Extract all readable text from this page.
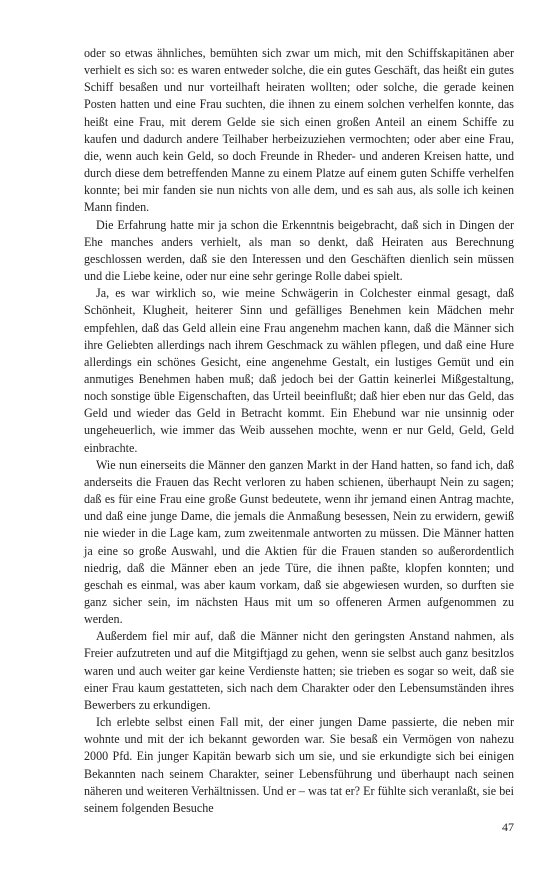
oder so etwas ähnliches, bemühten sich zwar um mich, mit den Schiffskapitänen aber verhielt es sich so: es waren entweder solche, die ein gutes Geschäft, das heißt ein gutes Schiff besaßen und nur vorteilhaft heiraten wollten; oder solche, die gerade keinen Posten hatten und eine Frau suchten, die ihnen zu einem solchen verhelfen konnte, das heißt eine Frau, mit derem Gelde sie sich einen großen Anteil an einem Schiffe zu kaufen und dadurch andere Teilhaber herbeizuziehen vermochten; oder aber eine Frau, die, wenn auch kein Geld, so doch Freunde in Rheder- und anderen Kreisen hatte, und durch diese dem betreffenden Manne zu einem Platze auf einem guten Schiffe verhelfen konnte; bei mir fanden sie nun nichts von alle dem, und es sah aus, als solle ich keinen Mann finden.

Die Erfahrung hatte mir ja schon die Erkenntnis beigebracht, daß sich in Dingen der Ehe manches anders verhielt, als man so denkt, daß Heiraten aus Berechnung geschlossen werden, daß sie den Interessen und den Geschäften dienlich sein müssen und die Liebe keine, oder nur eine sehr geringe Rolle dabei spielt.

Ja, es war wirklich so, wie meine Schwägerin in Colchester einmal gesagt, daß Schönheit, Klugheit, heiterer Sinn und gefälliges Benehmen kein Mädchen mehr empfehlen, daß das Geld allein eine Frau angenehm machen kann, daß die Männer sich ihre Geliebten allerdings nach ihrem Geschmack zu wählen pflegen, und daß eine Hure allerdings ein schönes Gesicht, eine angenehme Gestalt, ein lustiges Gemüt und ein anmutiges Benehmen haben muß; daß jedoch bei der Gattin keinerlei Mißgestaltung, noch sonstige üble Eigenschaften, das Urteil beeinflußt; daß hier eben nur das Geld, das Geld und wieder das Geld in Betracht kommt. Ein Ehebund war nie unsinnig oder ungeheuerlich, wie immer das Weib aussehen mochte, wenn er nur Geld, Geld, Geld einbrachte.

Wie nun einerseits die Männer den ganzen Markt in der Hand hatten, so fand ich, daß anderseits die Frauen das Recht verloren zu haben schienen, überhaupt Nein zu sagen; daß es für eine Frau eine große Gunst bedeutete, wenn ihr jemand einen Antrag machte, und daß eine junge Dame, die jemals die Anmaßung besessen, Nein zu erwidern, gewiß nie wieder in die Lage kam, zum zweitenmale antworten zu müssen. Die Männer hatten ja eine so große Auswahl, und die Aktien für die Frauen standen so außerordentlich niedrig, daß die Männer eben an jede Türe, die ihnen paßte, klopfen konnten; und geschah es einmal, was aber kaum vorkam, daß sie abgewiesen wurden, so durften sie ganz sicher sein, im nächsten Haus mit um so offeneren Armen aufgenommen zu werden.

Außerdem fiel mir auf, daß die Männer nicht den geringsten Anstand nahmen, als Freier aufzutreten und auf die Mitgiftjagd zu gehen, wenn sie selbst auch ganz besitzlos waren und auch weiter gar keine Verdienste hatten; sie trieben es sogar so weit, daß sie einer Frau kaum gestatteten, sich nach dem Charakter oder den Lebensumständen ihres Bewerbers zu erkundigen.

Ich erlebte selbst einen Fall mit, der einer jungen Dame passierte, die neben mir wohnte und mit der ich bekannt geworden war. Sie besaß ein Vermögen von nahezu 2000 Pfd. Ein junger Kapitän bewarb sich um sie, und sie erkundigte sich bei einigen Bekannten nach seinem Charakter, seiner Lebensführung und überhaupt nach seinen näheren und weiteren Verhältnissen. Und er – was tat er? Er fühlte sich veranlaßt, sie bei seinem folgenden Besuche

47
